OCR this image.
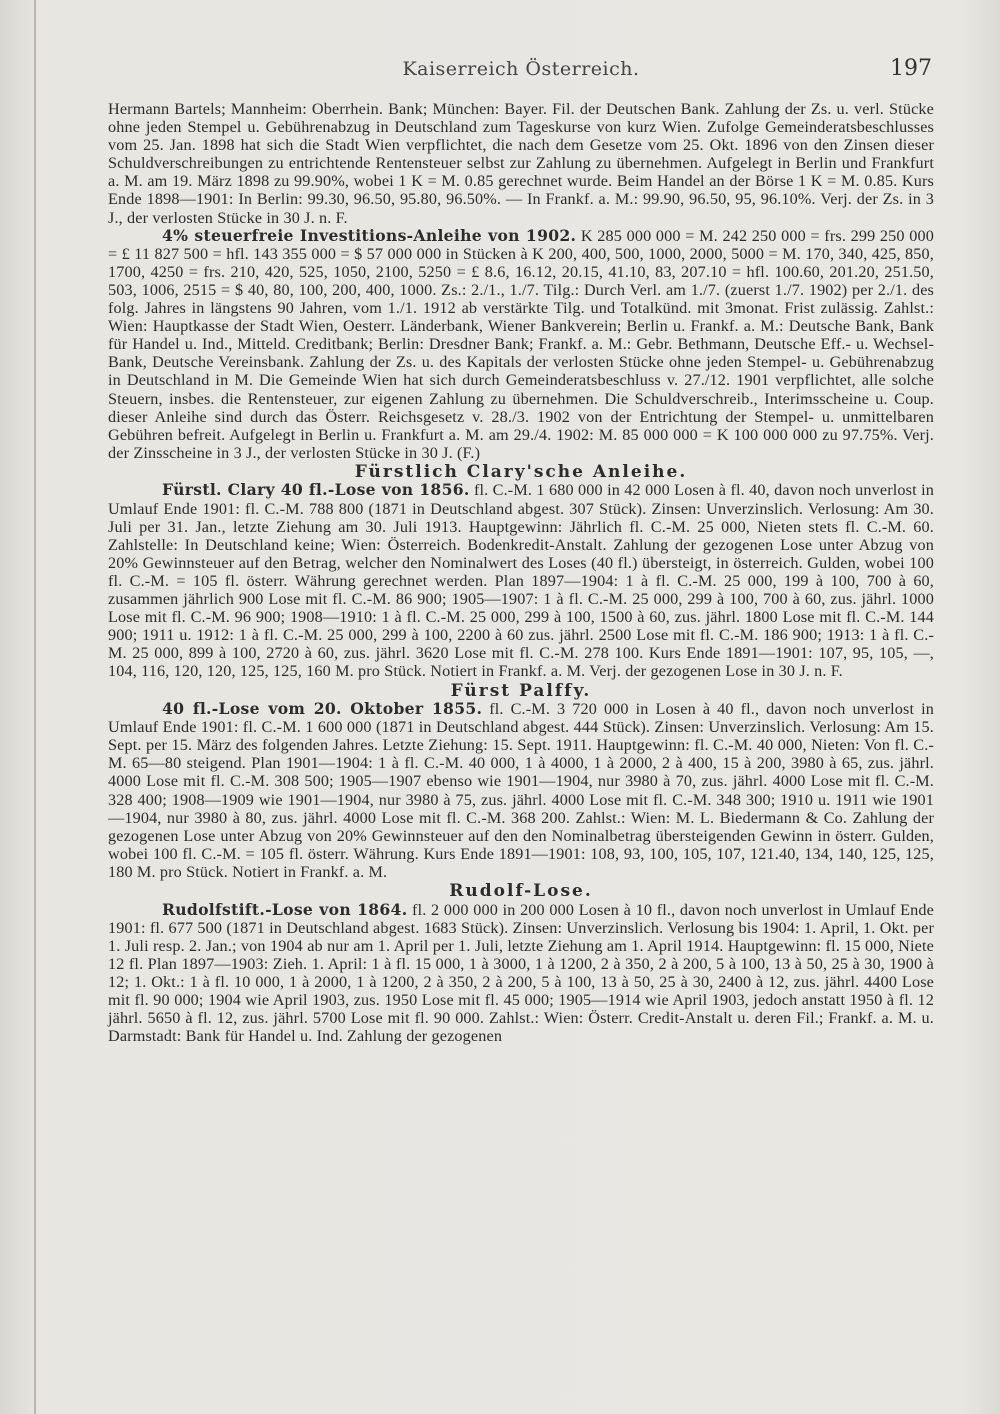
Kaiserreich Österreich.	197

Hermann Bartels; Mannheim: Oberrhein. Bank; München: Bayer. Fil. der Deutschen Bank. Zahlung der Zs. u. verl. Stücke ohne jeden Stempel u. Gebührenabzug in Deutschland zum Tageskurse von kurz Wien. Zufolge Gemeinderatsbeschlusses vom 25. Jan. 1898 hat sich die Stadt Wien verpflichtet, die nach dem Gesetze vom 25. Okt. 1896 von den Zinsen dieser Schuldverschreibungen zu entrichtende Rentensteuer selbst zur Zahlung zu übernehmen. Aufgelegt in Berlin und Frankfurt a. M. am 19. März 1898 zu 99.90%, wobei 1 K = M. 0.85 gerechnet wurde. Beim Handel an der Börse 1 K = M. 0.85. Kurs Ende 1898—1901: In Berlin: 99.30, 96.50, 95.80, 96.50%. — In Frankf. a. M.: 99.90, 96.50, 95, 96.10%. Verj. der Zs. in 3 J., der verlosten Stücke in 30 J. n. F.

4% steuerfreie Investitions-Anleihe von 1902. K 285 000 000 = M. 242 250 000 = frs. 299 250 000 = £ 11 827 500 = hfl. 143 355 000 = $ 57 000 000 in Stücken à K 200, 400, 500, 1000, 2000, 5000 = M. 170, 340, 425, 850, 1700, 4250 = frs. 210, 420, 525, 1050, 2100, 5250 = £ 8.6, 16.12, 20.15, 41.10, 83, 207.10 = hfl. 100.60, 201.20, 251.50, 503, 1006, 2515 = $ 40, 80, 100, 200, 400, 1000. Zs.: 2./1., 1./7. Tilg.: Durch Verl. am 1./7. (zuerst 1./7. 1902) per 2./1. des folg. Jahres in längstens 90 Jahren, vom 1./1. 1912 ab verstärkte Tilg. und Totalkünd. mit 3monat. Frist zulässig. Zahlst.: Wien: Hauptkasse der Stadt Wien, Oesterr. Länderbank, Wiener Bankverein; Berlin u. Frankf. a. M.: Deutsche Bank, Bank für Handel u. Ind., Mitteld. Creditbank; Berlin: Dresdner Bank; Frankf. a. M.: Gebr. Bethmann, Deutsche Eff.- u. Wechsel-Bank, Deutsche Vereinsbank. Zahlung der Zs. u. des Kapitals der verlosten Stücke ohne jeden Stempel- u. Gebührenabzug in Deutschland in M. Die Gemeinde Wien hat sich durch Gemeinderatsbeschluss v. 27./12. 1901 verpflichtet, alle solche Steuern, insbes. die Rentensteuer, zur eigenen Zahlung zu übernehmen. Die Schuldverschreib., Interimsscheine u. Coup. dieser Anleihe sind durch das Österr. Reichsgesetz v. 28./3. 1902 von der Entrichtung der Stempel- u. unmittelbaren Gebühren befreit. Aufgelegt in Berlin u. Frankfurt a. M. am 29./4. 1902: M. 85 000 000 = K 100 000 000 zu 97.75%. Verj. der Zinsscheine in 3 J., der verlosten Stücke in 30 J. (F.)

Fürstlich Clary'sche Anleihe.

Fürstl. Clary 40 fl.-Lose von 1856. fl. C.-M. 1 680 000 in 42 000 Losen à fl. 40, davon noch unverlost in Umlauf Ende 1901: fl. C.-M. 788 800 (1871 in Deutschland abgest. 307 Stück). Zinsen: Unverzinslich. Verlosung: Am 30. Juli per 31. Jan., letzte Ziehung am 30. Juli 1913. Hauptgewinn: Jährlich fl. C.-M. 25 000, Nieten stets fl. C.-M. 60. Zahlstelle: In Deutschland keine; Wien: Österreich. Bodenkredit-Anstalt. Zahlung der gezogenen Lose unter Abzug von 20% Gewinnsteuer auf den Betrag, welcher den Nominalwert des Loses (40 fl.) übersteigt, in österreich. Gulden, wobei 100 fl. C.-M. = 105 fl. österr. Währung gerechnet werden. Plan 1897—1904: 1 à fl. C.-M. 25 000, 199 à 100, 700 à 60, zusammen jährlich 900 Lose mit fl. C.-M. 86 900; 1905—1907: 1 à fl. C.-M. 25 000, 299 à 100, 700 à 60, zus. jährl. 1000 Lose mit fl. C.-M. 96 900; 1908—1910: 1 à fl. C.-M. 25 000, 299 à 100, 1500 à 60, zus. jährl. 1800 Lose mit fl. C.-M. 144 900; 1911 u. 1912: 1 à fl. C.-M. 25 000, 299 à 100, 2200 à 60 zus. jährl. 2500 Lose mit fl. C.-M. 186 900; 1913: 1 à fl. C.-M. 25 000, 899 à 100, 2720 à 60, zus. jährl. 3620 Lose mit fl. C.-M. 278 100. Kurs Ende 1891—1901: 107, 95, 105, —, 104, 116, 120, 120, 125, 125, 160 M. pro Stück. Notiert in Frankf. a. M. Verj. der gezogenen Lose in 30 J. n. F.

Fürst Palffy.

40 fl.-Lose vom 20. Oktober 1855. fl. C.-M. 3 720 000 in Losen à 40 fl., davon noch unverlost in Umlauf Ende 1901: fl. C.-M. 1 600 000 (1871 in Deutschland abgest. 444 Stück). Zinsen: Unverzinslich. Verlosung: Am 15. Sept. per 15. März des folgenden Jahres. Letzte Ziehung: 15. Sept. 1911. Hauptgewinn: fl. C.-M. 40 000, Nieten: Von fl. C.-M. 65—80 steigend. Plan 1901—1904: 1 à fl. C.-M. 40 000, 1 à 4000, 1 à 2000, 2 à 400, 15 à 200, 3980 à 65, zus. jährl. 4000 Lose mit fl. C.-M. 308 500; 1905—1907 ebenso wie 1901—1904, nur 3980 à 70, zus. jährl. 4000 Lose mit fl. C.-M. 328 400; 1908—1909 wie 1901—1904, nur 3980 à 75, zus. jährl. 4000 Lose mit fl. C.-M. 348 300; 1910 u. 1911 wie 1901—1904, nur 3980 à 80, zus. jährl. 4000 Lose mit fl. C.-M. 368 200. Zahlst.: Wien: M. L. Biedermann & Co. Zahlung der gezogenen Lose unter Abzug von 20% Gewinnsteuer auf den den Nominalbetrag übersteigenden Gewinn in österr. Gulden, wobei 100 fl. C.-M. = 105 fl. österr. Währung. Kurs Ende 1891—1901: 108, 93, 100, 105, 107, 121.40, 134, 140, 125, 125, 180 M. pro Stück. Notiert in Frankf. a. M.

Rudolf-Lose.

Rudolfstift.-Lose von 1864. fl. 2 000 000 in 200 000 Losen à 10 fl., davon noch unverlost in Umlauf Ende 1901: fl. 677 500 (1871 in Deutschland abgest. 1683 Stück). Zinsen: Unverzinslich. Verlosung bis 1904: 1. April, 1. Okt. per 1. Juli resp. 2. Jan.; von 1904 ab nur am 1. April per 1. Juli, letzte Ziehung am 1. April 1914. Hauptgewinn: fl. 15 000, Niete 12 fl. Plan 1897—1903: Zieh. 1. April: 1 à fl. 15 000, 1 à 3000, 1 à 1200, 2 à 350, 2 à 200, 5 à 100, 13 à 50, 25 à 30, 1900 à 12; 1. Okt.: 1 à fl. 10 000, 1 à 2000, 1 à 1200, 2 à 350, 2 à 200, 5 à 100, 13 à 50, 25 à 30, 2400 à 12, zus. jährl. 4400 Lose mit fl. 90 000; 1904 wie April 1903, zus. 1950 Lose mit fl. 45 000; 1905—1914 wie April 1903, jedoch anstatt 1950 à fl. 12 jährl. 5650 à fl. 12, zus. jährl. 5700 Lose mit fl. 90 000. Zahlst.: Wien: Österr. Credit-Anstalt u. deren Fil.; Frankf. a. M. u. Darmstadt: Bank für Handel u. Ind. Zahlung der gezogenen
